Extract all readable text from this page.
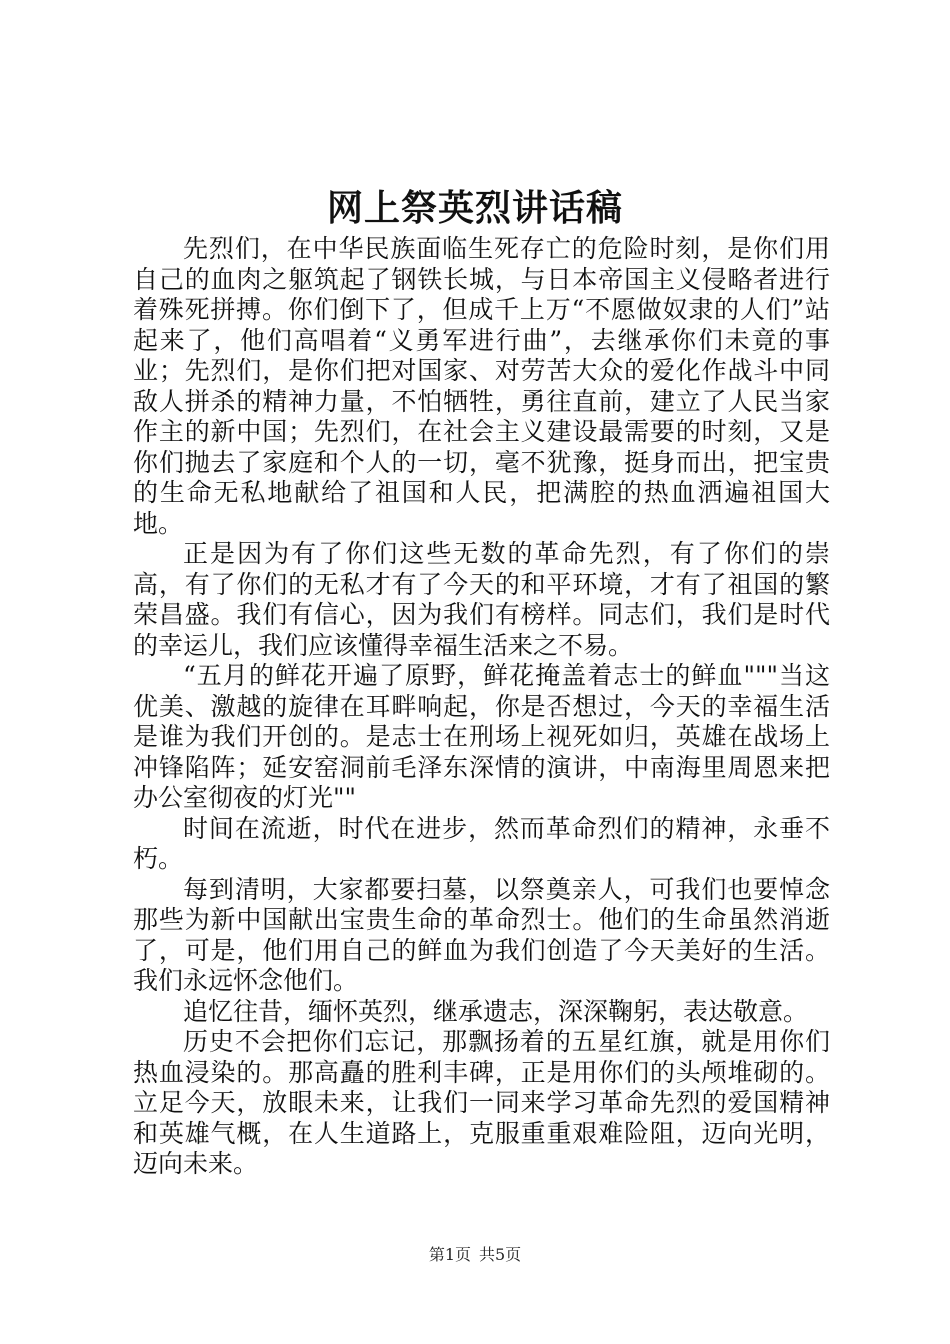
网上祭英烈讲话稿

先烈们，在中华民族面临生死存亡的危险时刻，是你们用自己的血肉之躯筑起了钢铁长城，与日本帝国主义侵略者进行着殊死拼搏。你们倒下了，但成千上万“不愿做奴隶的人们”站起来了，他们高唱着“义勇军进行曲”，去继承你们未竟的事业；先烈们，是你们把对国家、对劳苦大众的爱化作战斗中同敌人拼杀的精神力量，不怕牺牲，勇往直前，建立了人民当家作主的新中国；先烈们，在社会主义建设最需要的时刻，又是你们抛去了家庭和个人的一切，毫不犹豫，挺身而出，把宝贵的生命无私地献给了祖国和人民，把满腔的热血洒遍祖国大地。

正是因为有了你们这些无数的革命先烈，有了你们的崇高，有了你们的无私才有了今天的和平环境，才有了祖国的繁荣昌盛。我们有信心，因为我们有榜样。同志们，我们是时代的幸运儿，我们应该懂得幸福生活来之不易。

“五月的鲜花开遍了原野，鲜花掩盖着志士的鲜血"""当这优美、激越的旋律在耳畔响起，你是否想过，今天的幸福生活是谁为我们开创的。是志士在刑场上视死如归，英雄在战场上冲锋陷阵；延安窑洞前毛泽东深情的演讲，中南海里周恩来把办公室彻夜的灯光""

时间在流逝，时代在进步，然而革命烈们的精神，永垂不朽。

每到清明，大家都要扫墓，以祭奠亲人，可我们也要悼念那些为新中国献出宝贵生命的革命烈士。他们的生命虽然消逝了，可是，他们用自己的鲜血为我们创造了今天美好的生活。我们永远怀念他们。

追忆往昔，缅怀英烈，继承遗志，深深鞠躬，表达敬意。

历史不会把你们忘记，那飘扬着的五星红旗，就是用你们热血浸染的。那高矗的胜利丰碑，正是用你们的头颅堆砌的。立足今天，放眼未来，让我们一同来学习革命先烈的爱国精神和英雄气概，在人生道路上，克服重重艰难险阻，迈向光明，迈向未来。

第1页 共5页
